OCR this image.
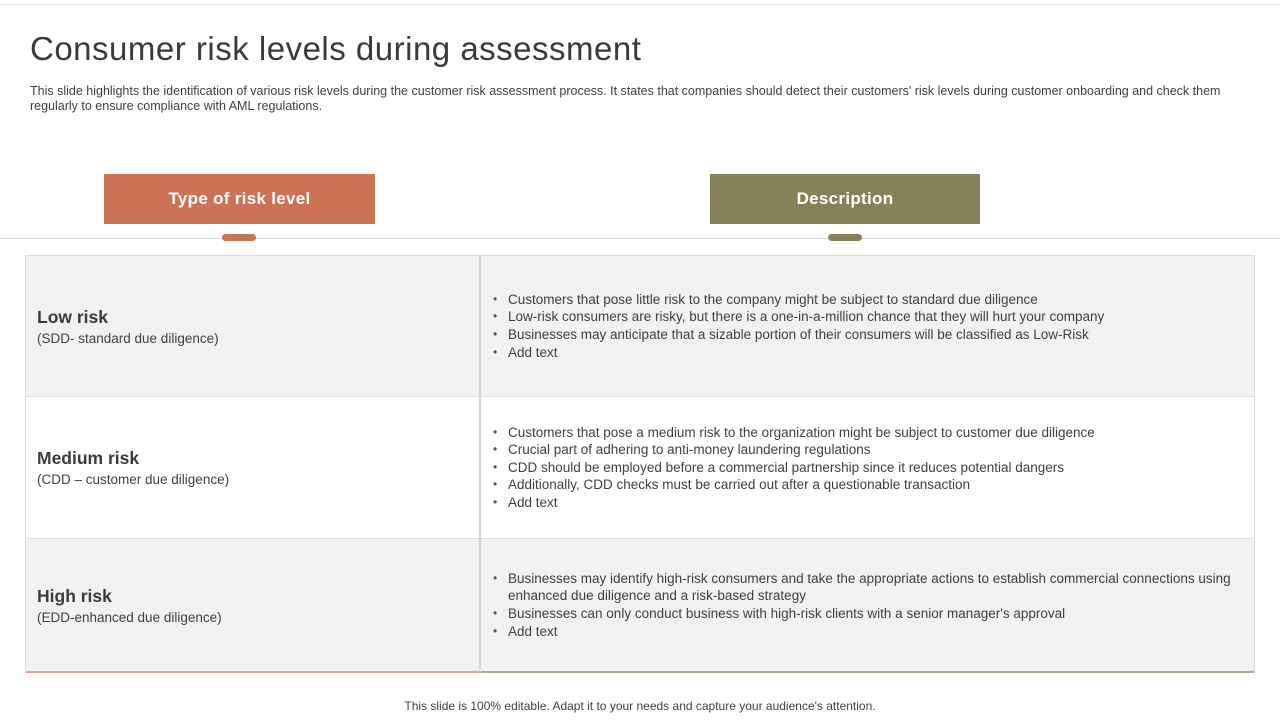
Consumer risk levels during assessment

This slide highlights the identification of various risk levels during the customer risk assessment process. It states that companies should detect their customers' risk levels during customer onboarding and check them regularly to ensure compliance with AML regulations.

Type of risk level	Description
Low risk
(SDD- standard due diligence)
• Customers that pose little risk to the company might be subject to standard due diligence
• Low-risk consumers are risky, but there is a one-in-a-million chance that they will hurt your company
• Businesses may anticipate that a sizable portion of their consumers will be classified as Low-Risk
• Add text
Medium risk
(CDD – customer due diligence)
• Customers that pose a medium risk to the organization might be subject to customer due diligence
• Crucial part of adhering to anti-money laundering regulations
• CDD should be employed before a commercial partnership since it reduces potential dangers
• Additionally, CDD checks must be carried out after a questionable transaction
• Add text
High risk
(EDD-enhanced due diligence)
• Businesses may identify high-risk consumers and take the appropriate actions to establish commercial connections using enhanced due diligence and a risk-based strategy
• Businesses can only conduct business with high-risk clients with a senior manager's approval
• Add text
This slide is 100% editable. Adapt it to your needs and capture your audience's attention.
